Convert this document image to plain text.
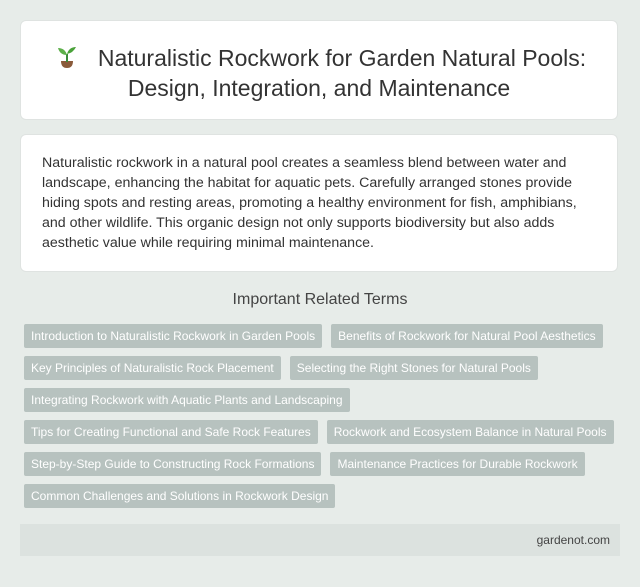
Naturalistic Rockwork for Garden Natural Pools: Design, Integration, and Maintenance
Naturalistic rockwork in a natural pool creates a seamless blend between water and landscape, enhancing the habitat for aquatic pets. Carefully arranged stones provide hiding spots and resting areas, promoting a healthy environment for fish, amphibians, and other wildlife. This organic design not only supports biodiversity but also adds aesthetic value while requiring minimal maintenance.
Important Related Terms
Introduction to Naturalistic Rockwork in Garden Pools	Benefits of Rockwork for Natural Pool Aesthetics
Key Principles of Naturalistic Rock Placement	Selecting the Right Stones for Natural Pools
Integrating Rockwork with Aquatic Plants and Landscaping
Tips for Creating Functional and Safe Rock Features	Rockwork and Ecosystem Balance in Natural Pools
Step-by-Step Guide to Constructing Rock Formations	Maintenance Practices for Durable Rockwork
Common Challenges and Solutions in Rockwork Design
gardenot.com
